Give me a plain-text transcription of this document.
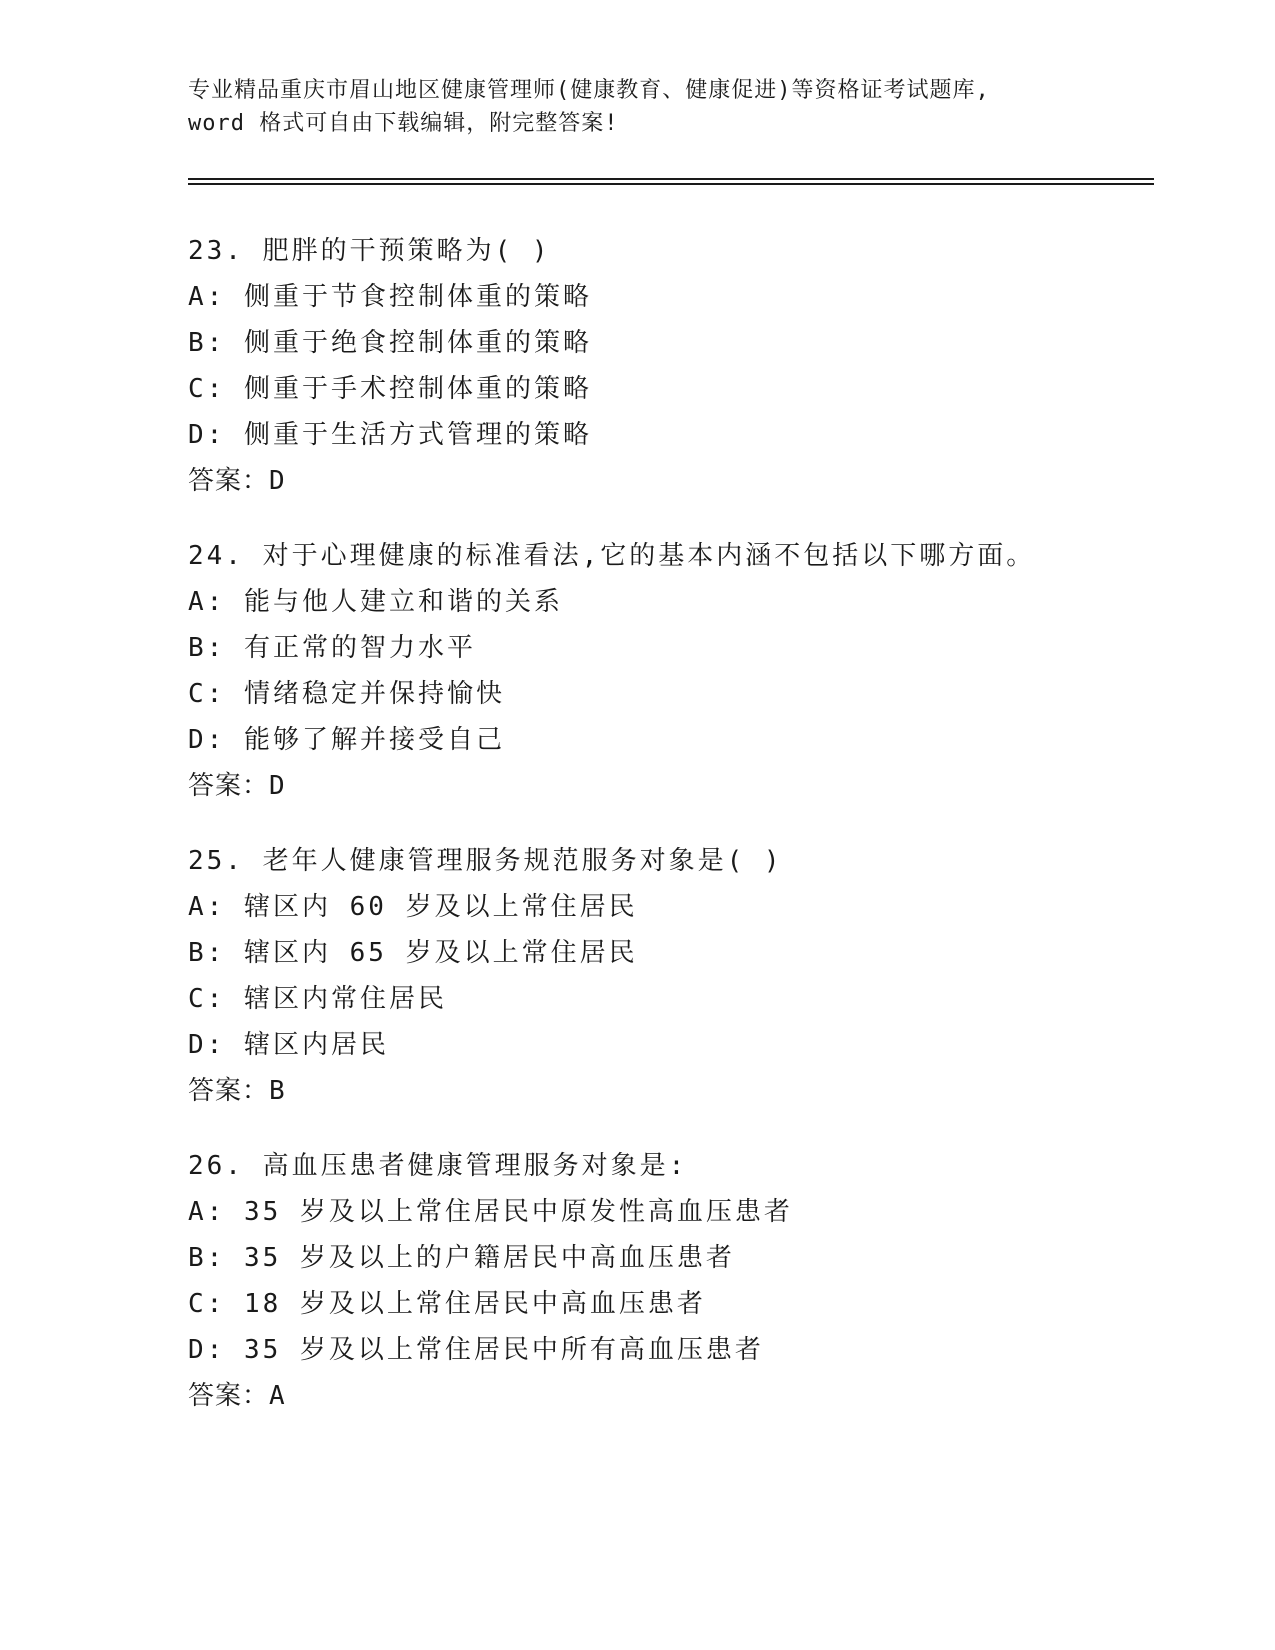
专业精品重庆市眉山地区健康管理师(健康教育、健康促进)等资格证考试题库,
word 格式可自由下载编辑，附完整答案!
23. 肥胖的干预策略为( )
A: 侧重于节食控制体重的策略
B: 侧重于绝食控制体重的策略
C: 侧重于手术控制体重的策略
D: 侧重于生活方式管理的策略
答案：D
24. 对于心理健康的标准看法,它的基本内涵不包括以下哪方面。
A: 能与他人建立和谐的关系
B: 有正常的智力水平
C: 情绪稳定并保持愉快
D: 能够了解并接受自己
答案：D
25. 老年人健康管理服务规范服务对象是( )
A: 辖区内 60 岁及以上常住居民
B: 辖区内 65 岁及以上常住居民
C: 辖区内常住居民
D: 辖区内居民
答案：B
26. 高血压患者健康管理服务对象是:
A: 35 岁及以上常住居民中原发性高血压患者
B: 35 岁及以上的户籍居民中高血压患者
C: 18 岁及以上常住居民中高血压患者
D: 35 岁及以上常住居民中所有高血压患者
答案：A
